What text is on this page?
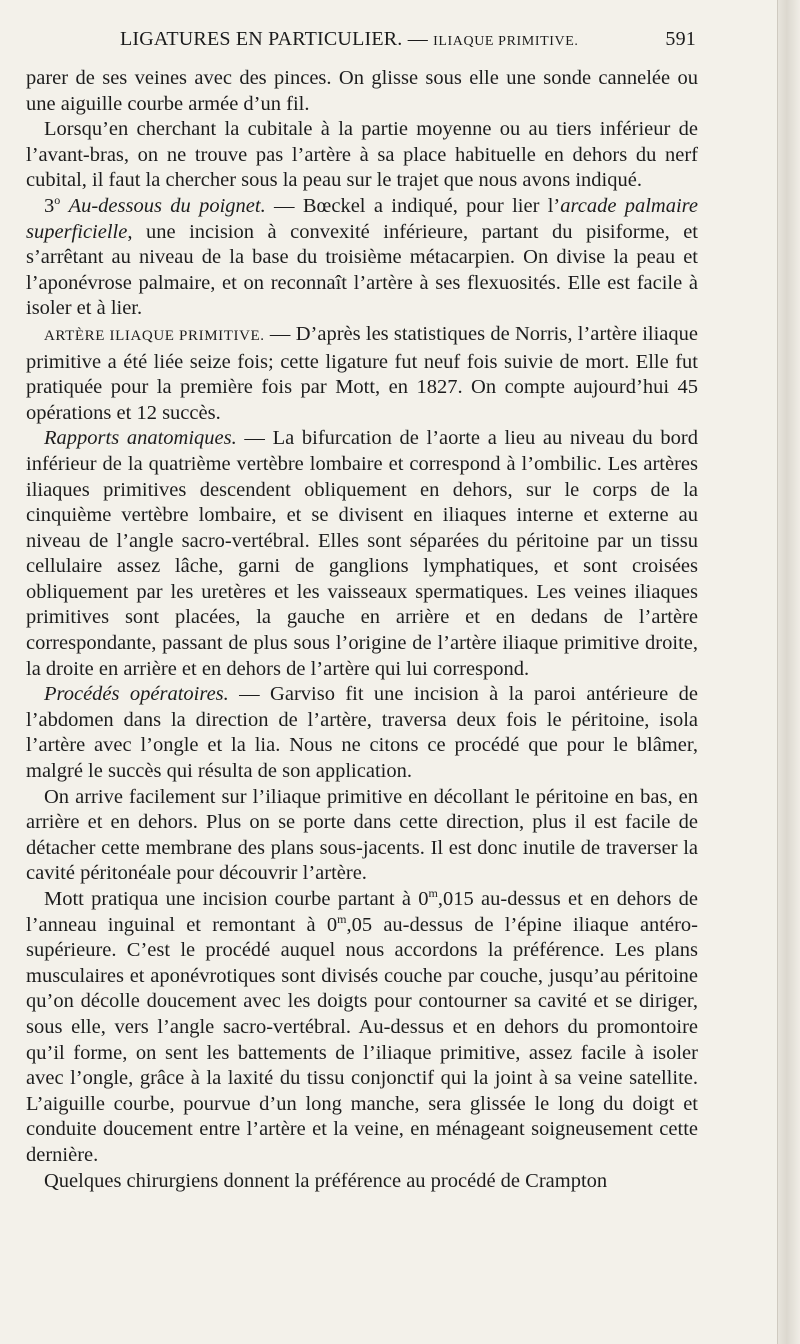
LIGATURES EN PARTICULIER. — ILIAQUE PRIMITIVE.	591

parer de ses veines avec des pinces. On glisse sous elle une sonde cannelée ou une aiguille courbe armée d’un fil.

Lorsqu’en cherchant la cubitale à la partie moyenne ou au tiers inférieur de l’avant-bras, on ne trouve pas l’artère à sa place habituelle en dehors du nerf cubital, il faut la chercher sous la peau sur le trajet que nous avons indiqué.

3$^o$ Au-dessous du poignet. — Bœckel a indiqué, pour lier l’arcade palmaire superficielle, une incision à convexité inférieure, partant du pisiforme, et s’arrêtant au niveau de la base du troisième métacarpien. On divise la peau et l’aponévrose palmaire, et on reconnaît l’artère à ses flexuosités. Elle est facile à isoler et à lier.

ARTÈRE ILIAQUE PRIMITIVE. — D’après les statistiques de Norris, l’artère iliaque primitive a été liée seize fois; cette ligature fut neuf fois suivie de mort. Elle fut pratiquée pour la première fois par Mott, en 1827. On compte aujourd’hui 45 opérations et 12 succès.

Rapports anatomiques. — La bifurcation de l’aorte a lieu au niveau du bord inférieur de la quatrième vertèbre lombaire et correspond à l’ombilic. Les artères iliaques primitives descendent obliquement en dehors, sur le corps de la cinquième vertèbre lombaire, et se divisent en iliaques interne et externe au niveau de l’angle sacro-vertébral. Elles sont séparées du péritoine par un tissu cellulaire assez lâche, garni de ganglions lymphatiques, et sont croisées obliquement par les uretères et les vaisseaux spermatiques. Les veines iliaques primitives sont placées, la gauche en arrière et en dedans de l’artère correspondante, passant de plus sous l’origine de l’artère iliaque primitive droite, la droite en arrière et en dehors de l’artère qui lui correspond.

Procédés opératoires. — Garviso fit une incision à la paroi antérieure de l’abdomen dans la direction de l’artère, traversa deux fois le péritoine, isola l’artère avec l’ongle et la lia. Nous ne citons ce procédé que pour le blâmer, malgré le succès qui résulta de son application.

On arrive facilement sur l’iliaque primitive en décollant le péritoine en bas, en arrière et en dehors. Plus on se porte dans cette direction, plus il est facile de détacher cette membrane des plans sous-jacents. Il est donc inutile de traverser la cavité péritonéale pour découvrir l’artère.

Mott pratiqua une incision courbe partant à 0$^m$,015 au-dessus et en dehors de l’anneau inguinal et remontant à 0$^m$,05 au-dessus de l’épine iliaque antéro-supérieure. C’est le procédé auquel nous accordons la préférence. Les plans musculaires et aponévrotiques sont divisés couche par couche, jusqu’au péritoine qu’on décolle doucement avec les doigts pour contourner sa cavité et se diriger, sous elle, vers l’angle sacro-vertébral. Au-dessus et en dehors du promontoire qu’il forme, on sent les battements de l’iliaque primitive, assez facile à isoler avec l’ongle, grâce à la laxité du tissu conjonctif qui la joint à sa veine satellite. L’aiguille courbe, pourvue d’un long manche, sera glissée le long du doigt et conduite doucement entre l’artère et la veine, en ménageant soigneusement cette dernière.

Quelques chirurgiens donnent la préférence au procédé de Crampton
